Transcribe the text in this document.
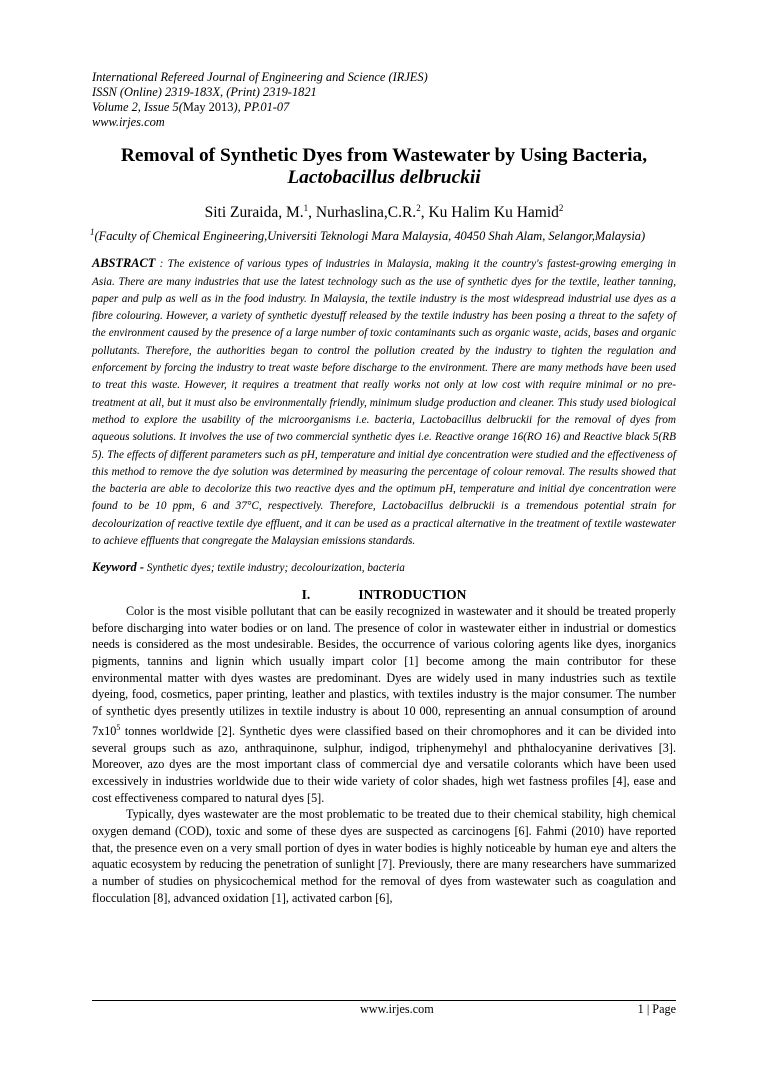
International Refereed Journal of Engineering and Science (IRJES)
ISSN (Online) 2319-183X, (Print) 2319-1821
Volume 2, Issue 5(May 2013), PP.01-07
www.irjes.com
Removal of Synthetic Dyes from Wastewater by Using Bacteria,
Lactobacillus delbruckii
Siti Zuraida, M.$^1$, Nurhaslina,C.R.$^2$, Ku Halim Ku Hamid$^2$
$^1$(Faculty of Chemical Engineering,Universiti Teknologi Mara Malaysia, 40450 Shah Alam, Selangor,Malaysia)
ABSTRACT : The existence of various types of industries in Malaysia, making it the country's fastest-growing emerging in Asia. There are many industries that use the latest technology such as the use of synthetic dyes for the textile, leather tanning, paper and pulp as well as in the food industry. In Malaysia, the textile industry is the most widespread industrial use dyes as a fibre colouring. However, a variety of synthetic dyestuff released by the textile industry has been posing a threat to the safety of the environment caused by the presence of a large number of toxic contaminants such as organic waste, acids, bases and organic pollutants. Therefore, the authorities began to control the pollution created by the industry to tighten the regulation and enforcement by forcing the industry to treat waste before discharge to the environment. There are many methods have been used to treat this waste. However, it requires a treatment that really works not only at low cost with require minimal or no pre-treatment at all, but it must also be environmentally friendly, minimum sludge production and cleaner. This study used biological method to explore the usability of the microorganisms i.e. bacteria, Lactobacillus delbruckii for the removal of dyes from aqueous solutions. It involves the use of two commercial synthetic dyes i.e. Reactive orange 16(RO 16) and Reactive black 5(RB 5). The effects of different parameters such as pH, temperature and initial dye concentration were studied and the effectiveness of this method to remove the dye solution was determined by measuring the percentage of colour removal. The results showed that the bacteria are able to decolorize this two reactive dyes and the optimum pH, temperature and initial dye concentration were found to be 10 ppm, 6 and 37°C, respectively. Therefore, Lactobacillus delbruckii is a tremendous potential strain for decolourization of reactive textile dye effluent, and it can be used as a practical alternative in the treatment of textile wastewater to achieve effluents that congregate the Malaysian emissions standards.
Keyword - Synthetic dyes; textile industry; decolourization, bacteria
I.	INTRODUCTION

Color is the most visible pollutant that can be easily recognized in wastewater and it should be treated properly before discharging into water bodies or on land. The presence of color in wastewater either in industrial or domestics needs is considered as the most undesirable. Besides, the occurrence of various coloring agents like dyes, inorganics pigments, tannins and lignin which usually impart color [1] become among the main contributor for these environmental matter with dyes wastes are predominant. Dyes are widely used in many industries such as textile dyeing, food, cosmetics, paper printing, leather and plastics, with textiles industry is the major consumer. The number of synthetic dyes presently utilizes in textile industry is about 10 000, representing an annual consumption of around $7x10^5$ tonnes worldwide [2]. Synthetic dyes were classified based on their chromophores and it can be divided into several groups such as azo, anthraquinone, sulphur, indigod, triphenymehyl and phthalocyanine derivatives [3]. Moreover, azo dyes are the most important class of commercial dye and versatile colorants which have been used excessively in industries worldwide due to their wide variety of color shades, high wet fastness profiles [4], ease and cost effectiveness compared to natural dyes [5].

Typically, dyes wastewater are the most problematic to be treated due to their chemical stability, high chemical oxygen demand (COD), toxic and some of these dyes are suspected as carcinogens [6]. Fahmi (2010) have reported that, the presence even on a very small portion of dyes in water bodies is highly noticeable by human eye and alters the aquatic ecosystem by reducing the penetration of sunlight [7]. Previously, there are many researchers have summarized a number of studies on physicochemical method for the removal of dyes from wastewater such as coagulation and flocculation [8], advanced oxidation [1], activated carbon [6],

www.irjes.com	1 | Page
